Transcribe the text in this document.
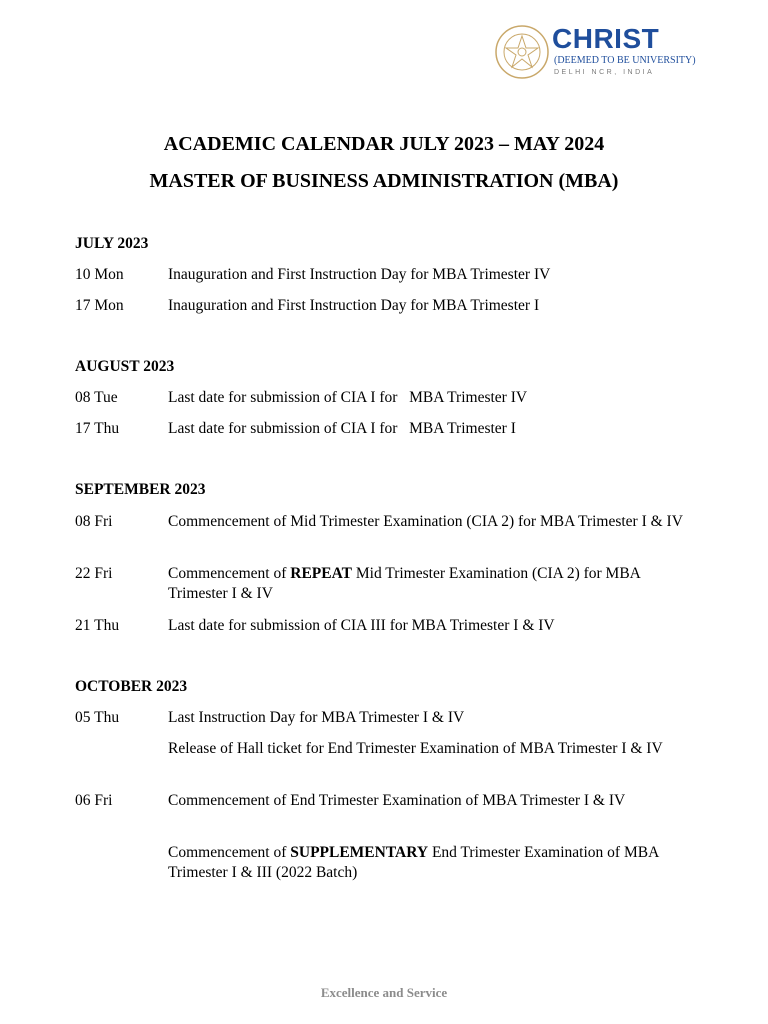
CHRIST
(DEEMED TO BE UNIVERSITY)
DELHI NCR, INDIA
ACADEMIC CALENDAR JULY 2023 – MAY 2024
MASTER OF BUSINESS ADMINISTRATION (MBA)
JULY 2023
10 Mon	Inauguration and First Instruction Day for MBA Trimester IV
17 Mon	Inauguration and First Instruction Day for MBA Trimester I
AUGUST 2023
08 Tue	Last date for submission of CIA I for   MBA Trimester IV
17 Thu	Last date for submission of CIA I for   MBA Trimester I
SEPTEMBER 2023
08 Fri	Commencement of Mid Trimester Examination (CIA 2) for MBA Trimester I & IV
22 Fri	Commencement of REPEAT Mid Trimester Examination (CIA 2) for MBA Trimester I & IV
21 Thu	Last date for submission of CIA III for MBA Trimester I & IV
OCTOBER 2023
05 Thu	Last Instruction Day for MBA Trimester I & IV
Release of Hall ticket for End Trimester Examination of MBA Trimester I & IV
06 Fri	Commencement of End Trimester Examination of MBA Trimester I & IV
Commencement of SUPPLEMENTARY End Trimester Examination of MBA Trimester I & III (2022 Batch)
Excellence and Service
